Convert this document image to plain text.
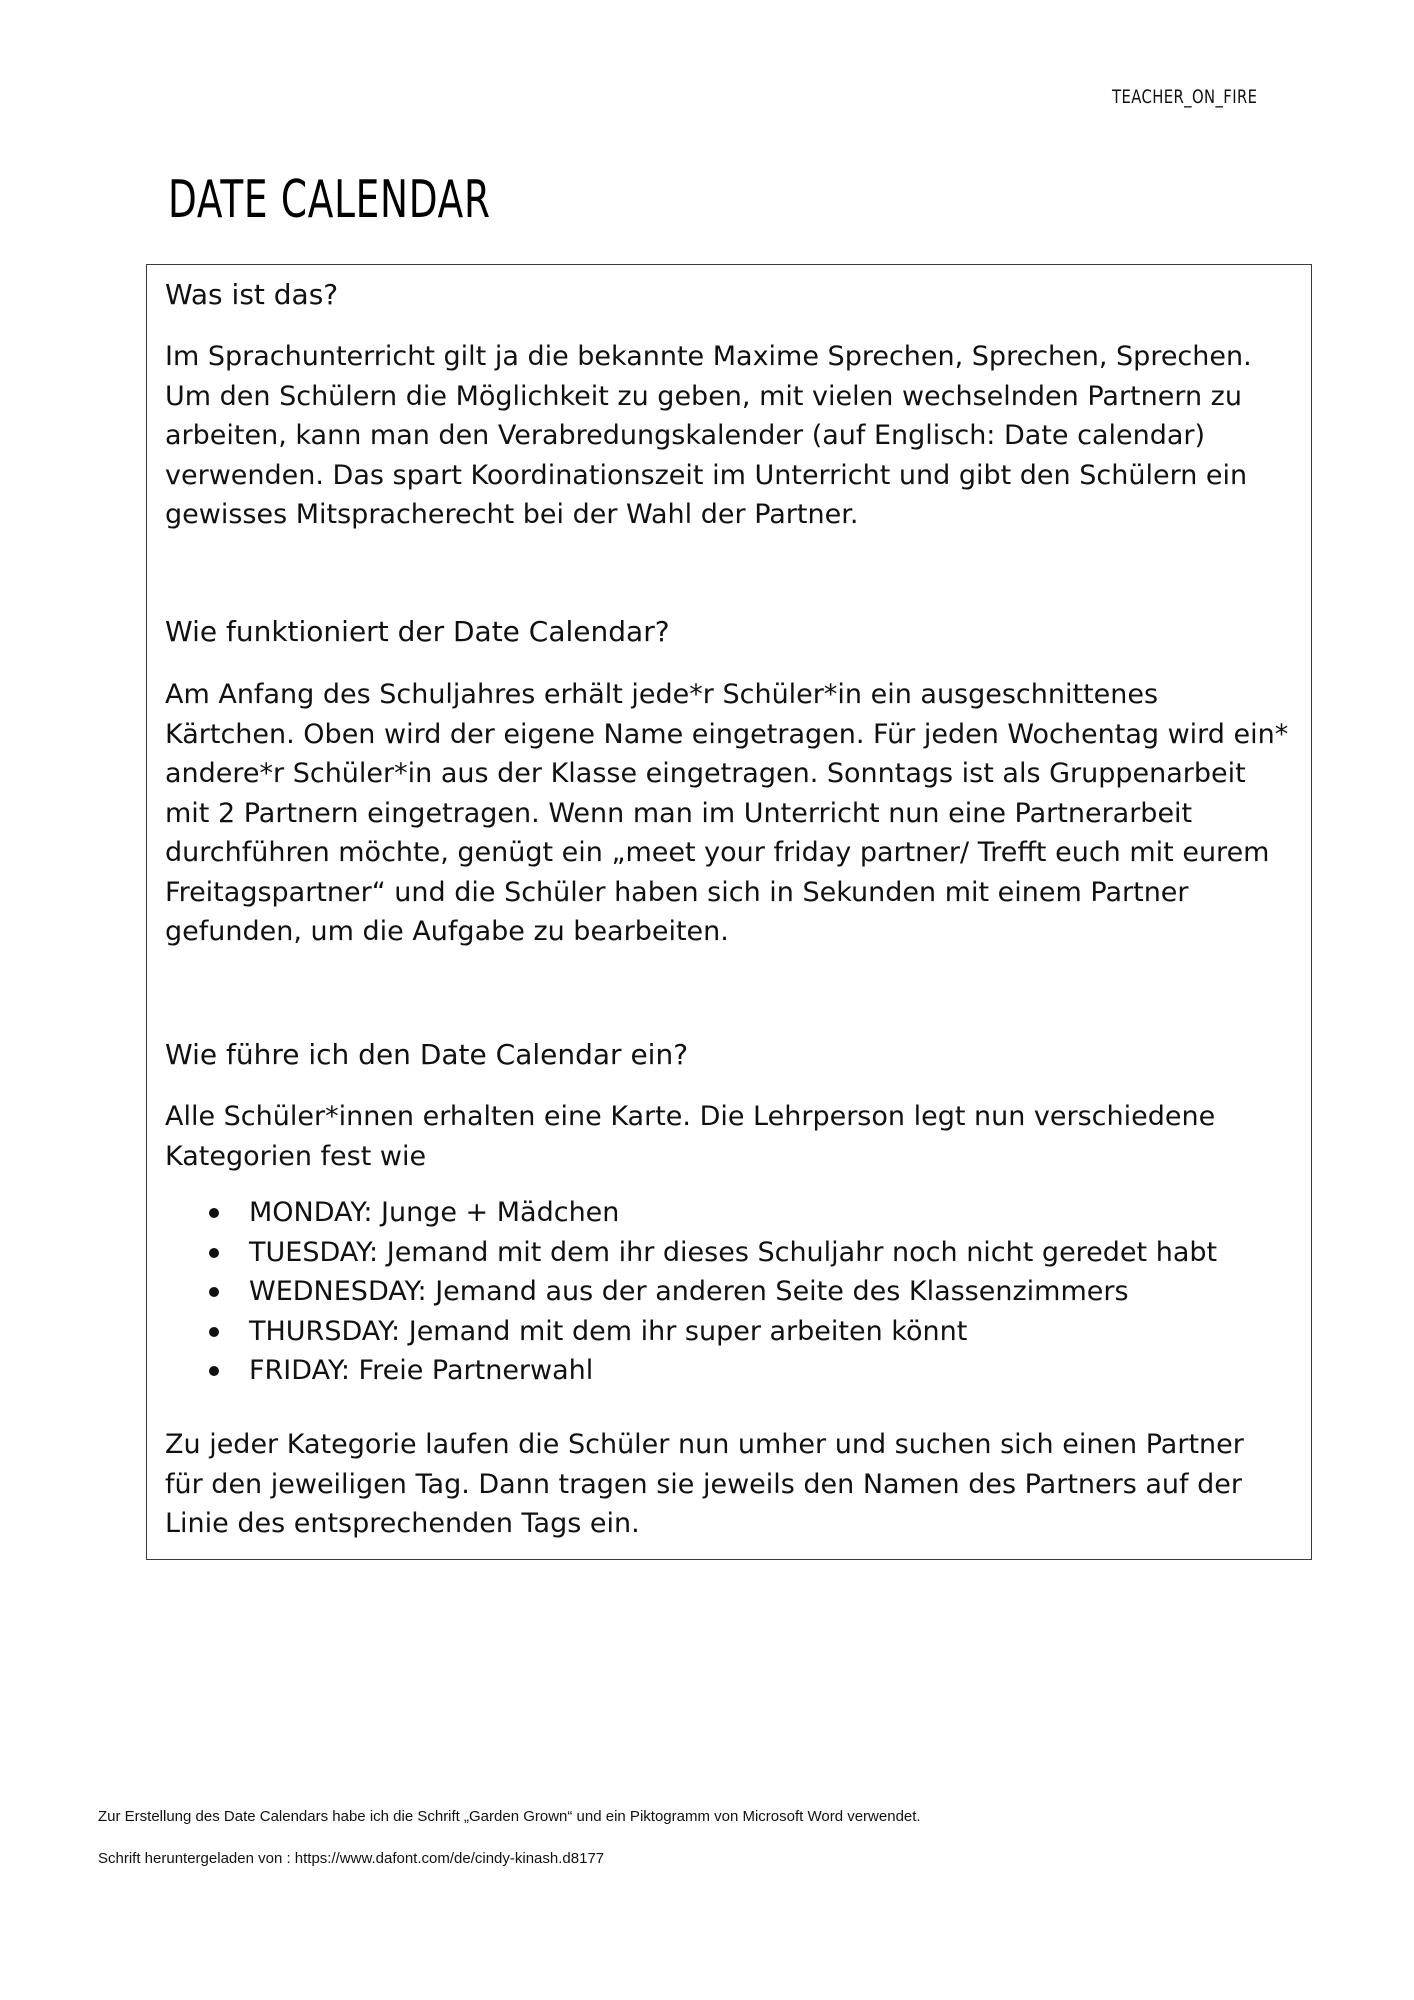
TEACHER_ON_FIRE
DATE CALENDAR
Was ist das?
Im Sprachunterricht gilt ja die bekannte Maxime Sprechen, Sprechen, Sprechen.
Um den Schülern die Möglichkeit zu geben, mit vielen wechselnden Partnern zu
arbeiten, kann man den Verabredungskalender (auf Englisch: Date calendar)
verwenden. Das spart Koordinationszeit im Unterricht und gibt den Schülern ein
gewisses Mitspracherecht bei der Wahl der Partner.
Wie funktioniert der Date Calendar?
Am Anfang des Schuljahres erhält jede*r Schüler*in ein ausgeschnittenes
Kärtchen. Oben wird der eigene Name eingetragen. Für jeden Wochentag wird ein*
andere*r Schüler*in aus der Klasse eingetragen. Sonntags ist als Gruppenarbeit
mit 2 Partnern eingetragen. Wenn man im Unterricht nun eine Partnerarbeit
durchführen möchte, genügt ein „meet your friday partner/ Trefft euch mit eurem
Freitagspartner“ und die Schüler haben sich in Sekunden mit einem Partner
gefunden, um die Aufgabe zu bearbeiten.
Wie führe ich den Date Calendar ein?
Alle Schüler*innen erhalten eine Karte. Die Lehrperson legt nun verschiedene
Kategorien fest wie
MONDAY: Junge + Mädchen
TUESDAY: Jemand mit dem ihr dieses Schuljahr noch nicht geredet habt
WEDNESDAY: Jemand aus der anderen Seite des Klassenzimmers
THURSDAY: Jemand mit dem ihr super arbeiten könnt
FRIDAY: Freie Partnerwahl
Zu jeder Kategorie laufen die Schüler nun umher und suchen sich einen Partner
für den jeweiligen Tag. Dann tragen sie jeweils den Namen des Partners auf der
Linie des entsprechenden Tags ein.
Zur Erstellung des Date Calendars habe ich die Schrift „Garden Grown“ und ein Piktogramm von Microsoft Word verwendet.
Schrift heruntergeladen von : https://www.dafont.com/de/cindy-kinash.d8177
